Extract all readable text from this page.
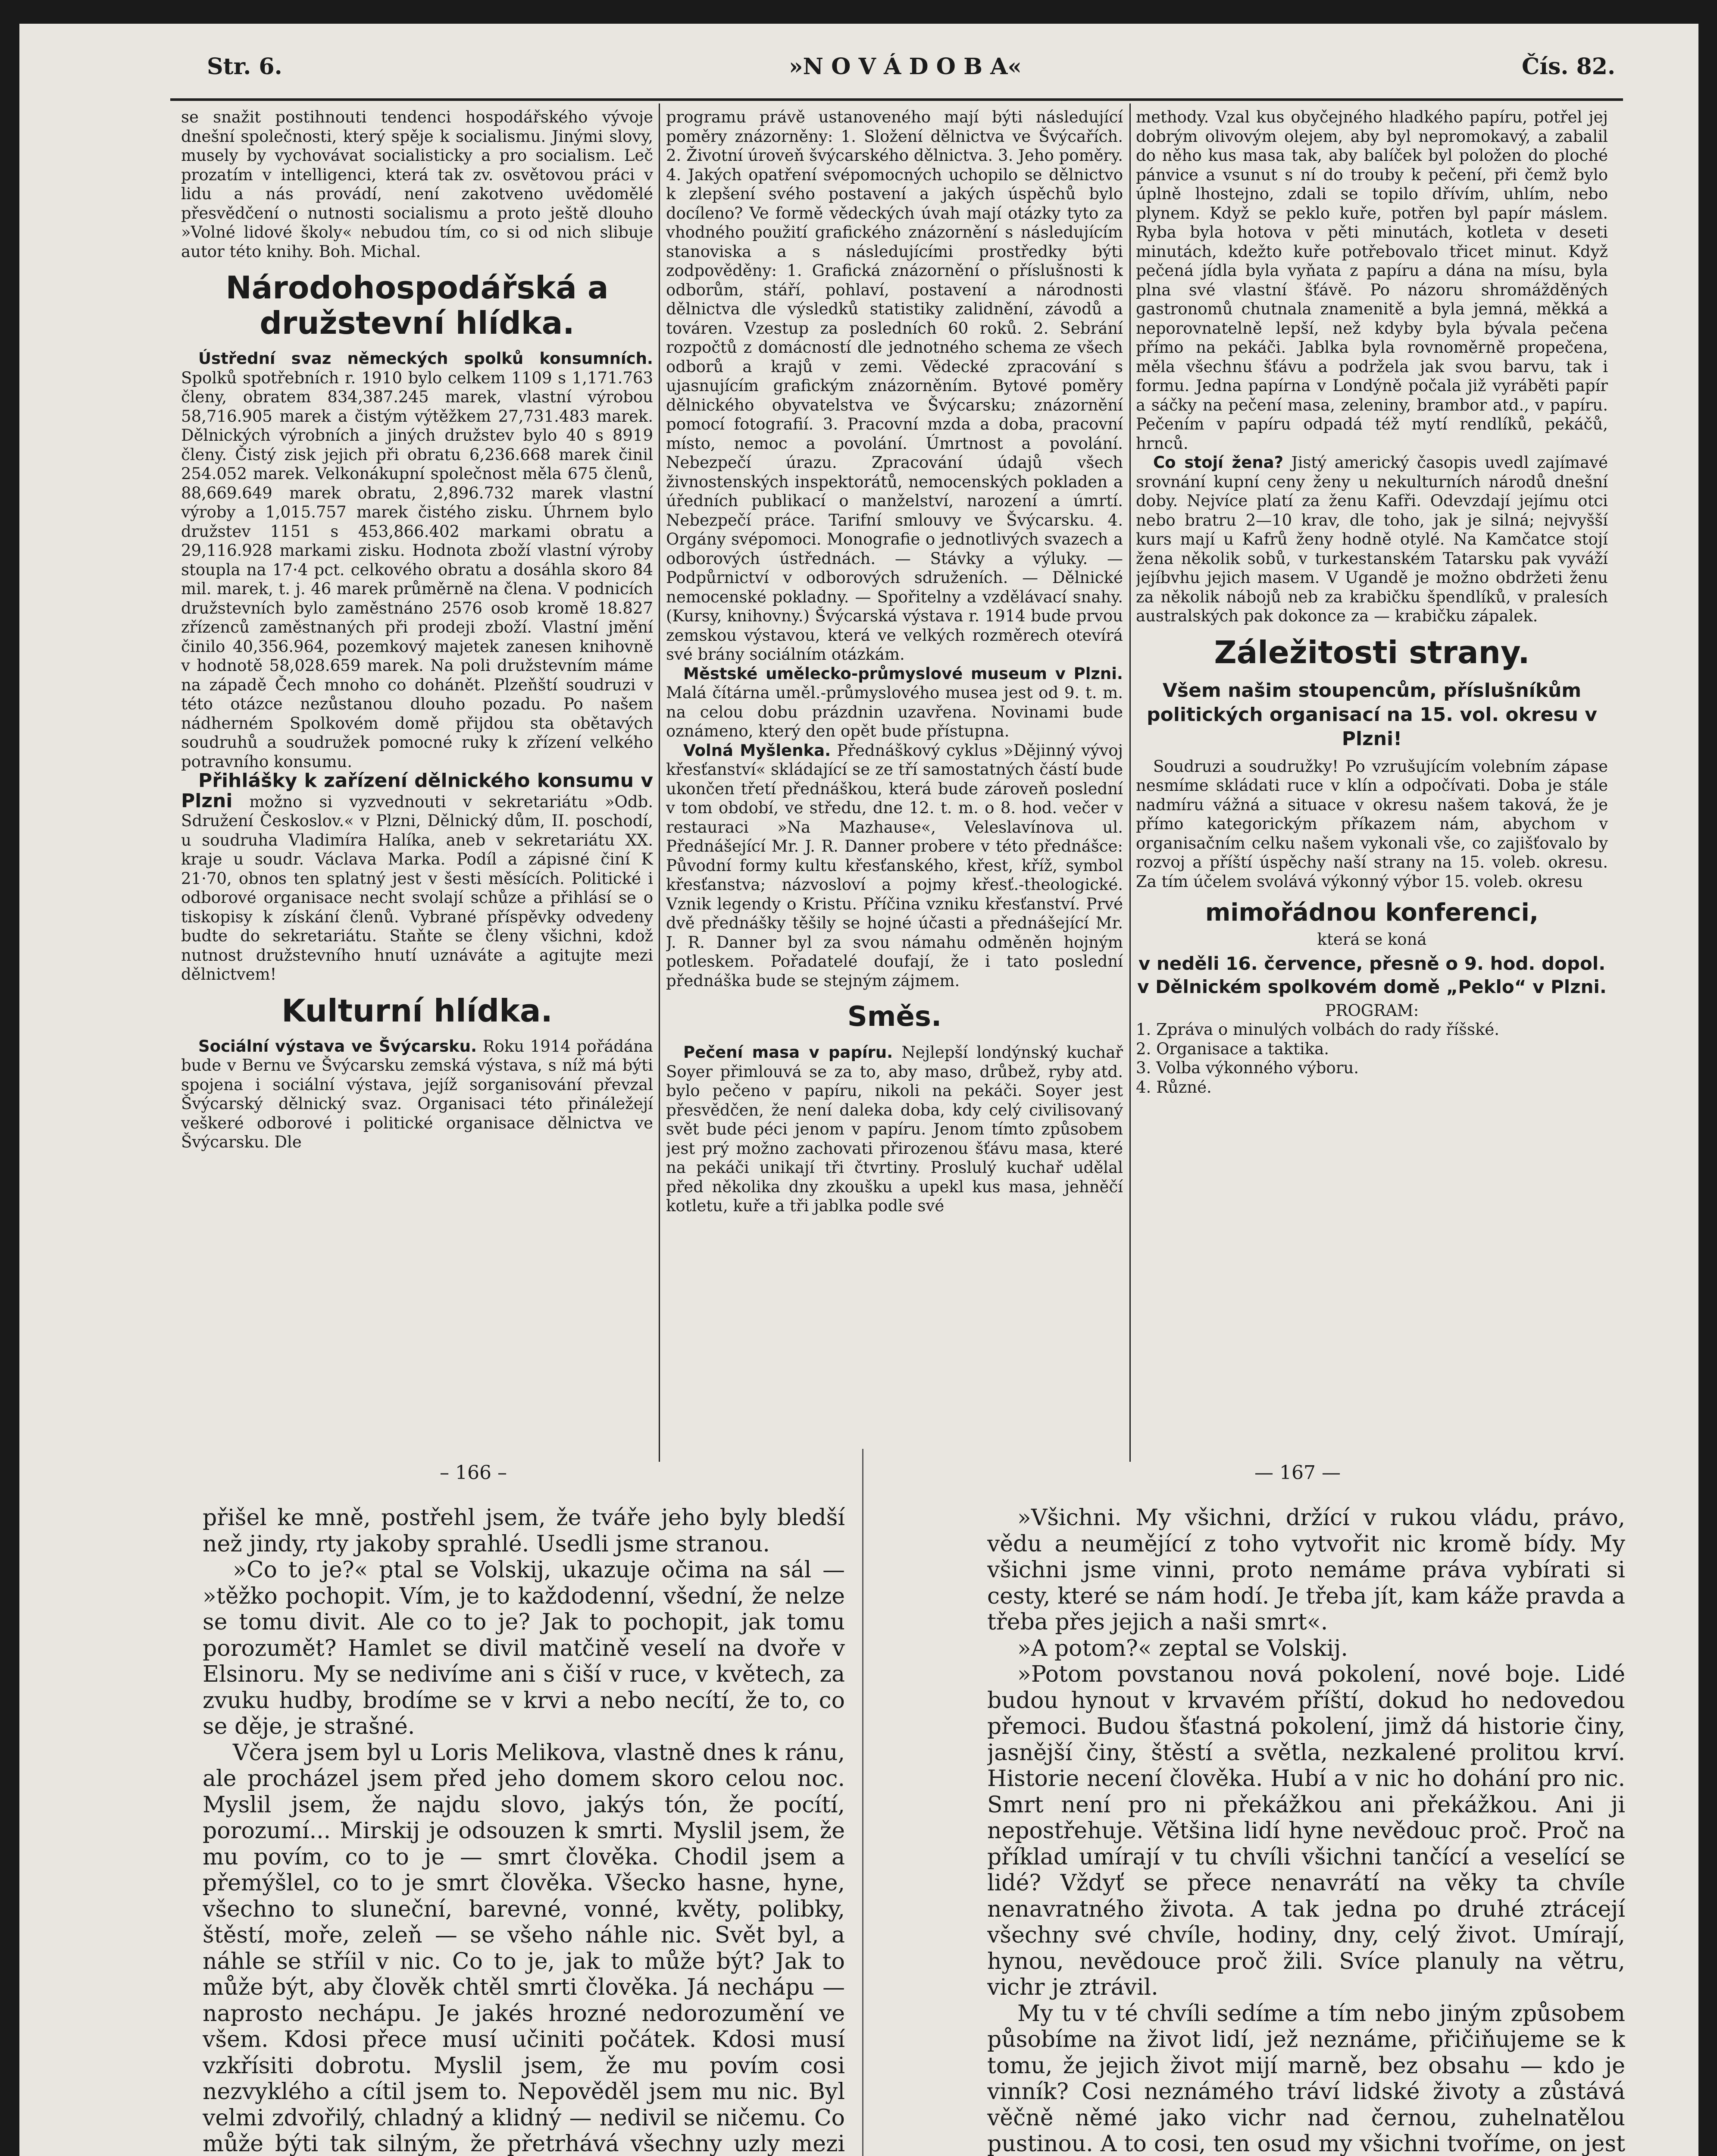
Str. 6.	»N O V Á D O B A«	Čís. 82.

se snažit postihnouti tendenci hospodářského vývoje dnešní společnosti, který spěje k socialismu. Jinými slovy, musely by vychovávat socialisticky a pro socialism. Leč prozatím v intelligenci, která tak zv. osvětovou práci v lidu a nás provádí, není zakotveno uvědomělé přesvědčení o nutnosti socialismu a proto ještě dlouho »Volné lidové školy« nebudou tím, co si od nich slibuje autor této knihy. Boh. Michal.

Národohospodářská a družstevní hlídka.

Ústřední svaz německých spolků konsumních. Spolků spotřebních r. 1910 bylo celkem 1109 s 1,171.763 členy, obratem 834,387.245 marek, vlastní výrobou 58,716.905 marek a čistým výtěžkem 27,731.483 marek. Dělnických výrobních a jiných družstev bylo 40 s 8919 členy. Čistý zisk jejich při obratu 6,236.668 marek činil 254.052 marek. Velkonákupní společnost měla 675 členů, 88,669.649 marek obratu, 2,896.732 marek vlastní výroby a 1,015.757 marek čistého zisku. Úhrnem bylo družstev 1151 s 453,866.402 markami obratu a 29,116.928 markami zisku. Hodnota zboží vlastní výroby stoupla na 17·4 pct. celkového obratu a dosáhla skoro 84 mil. marek, t. j. 46 marek průměrně na člena. V podnicích družstevních bylo zaměstnáno 2576 osob kromě 18.827 zřízenců zaměstnaných při prodeji zboží. Vlastní jmění činilo 40,356.964, pozemkový majetek zanesen knihovně v hodnotě 58,028.659 marek. Na poli družstevním máme na západě Čech mnoho co dohánět. Plzeňští soudruzi v této otázce nezůstanou dlouho pozadu. Po našem nádherném Spolkovém domě přijdou sta obětavých soudruhů a soudružek pomocné ruky k zřízení velkého potravního konsumu.

Přihlášky k zařízení dělnického konsumu v Plzni možno si vyzvednouti v sekretariátu »Odb. Sdružení Českoslov.« v Plzni, Dělnický dům, II. poschodí, u soudruha Vladimíra Halíka, aneb v sekretariátu XX. kraje u soudr. Václava Marka. Podíl a zápisné činí K 21·70, obnos ten splatný jest v šesti měsících. Politické i odborové organisace necht svolají schůze a přihlásí se o tiskopisy k získání členů. Vybrané příspěvky odvedeny budte do sekretariátu. Staňte se členy všichni, kdož nutnost družstevního hnutí uznáváte a agitujte mezi dělnictvem!

Kulturní hlídka.

Sociální výstava ve Švýcarsku. Roku 1914 pořádána bude v Bernu ve Švýcarsku zemská výstava, s níž má býti spojena i sociální výstava, jejíž sorganisování převzal Švýcarský dělnický svaz. Organisaci této přináležejí veškeré odborové i politické organisace dělnictva ve Švýcarsku. Dle

programu právě ustanoveného mají býti následující poměry znázorněny: 1. Složení dělnictva ve Švýcařích. 2. Životní úroveň švýcarského dělnictva. 3. Jeho poměry. 4. Jakých opatření svépomocných uchopilo se dělnictvo k zlepšení svého postavení a jakých úspěchů bylo docíleno? Ve formě vědeckých úvah mají otázky tyto za vhodného použití grafického znázornění s následujícím stanoviska a s následujícími prostředky býti zodpověděny: 1. Grafická znázornění o příslušnosti k odborům, stáří, pohlaví, postavení a národnosti dělnictva dle výsledků statistiky zalidnění, závodů a továren. Vzestup za posledních 60 roků. 2. Sebrání rozpočtů z domácností dle jednotného schema ze všech odborů a krajů v zemi. Vědecké zpracování s ujasnujícím grafickým znázorněním. Bytové poměry dělnického obyvatelstva ve Švýcarsku; znázornění pomocí fotografií. 3. Pracovní mzda a doba, pracovní místo, nemoc a povolání. Úmrtnost a povolání. Nebezpečí úrazu. Zpracování údajů všech živnostenských inspektorátů, nemocenských pokladen a úředních publikací o manželství, narození a úmrtí. Nebezpečí práce. Tarifní smlouvy ve Švýcarsku. 4. Orgány svépomoci. Monografie o jednotlivých svazech a odborových ústřednách. — Stávky a výluky. — Podpůrnictví v odborových sdruženích. — Dělnické nemocenské pokladny. — Spořitelny a vzdělávací snahy. (Kursy, knihovny.) Švýcarská výstava r. 1914 bude prvou zemskou výstavou, která ve velkých rozměrech otevírá své brány sociálním otázkám.

Městské umělecko-průmyslové museum v Plzni. Malá čítárna uměl.-průmyslového musea jest od 9. t. m. na celou dobu prázdnin uzavřena. Novinami bude oznámeno, který den opět bude přístupna.

Volná Myšlenka. Přednáškový cyklus »Dějinný vývoj křesťanství« skládající se ze tří samostatných částí bude ukončen třetí přednáškou, která bude zároveň poslední v tom období, ve středu, dne 12. t. m. o 8. hod. večer v restauraci »Na Mazhause«, Veleslavínova ul. Přednášející Mr. J. R. Danner probere v této přednášce: Původní formy kultu křesťanského, křest, kříž, symbol křesťanstva; názvosloví a pojmy křesť.-theologické. Vznik legendy o Kristu. Příčina vzniku křesťanství. Prvé dvě přednášky těšily se hojné účasti a přednášející Mr. J. R. Danner byl za svou námahu odměněn hojným potleskem. Pořadatelé doufají, že i tato poslední přednáška bude se stejným zájmem.

Směs.

Pečení masa v papíru. Nejlepší londýnský kuchař Soyer přimlouvá se za to, aby maso, drůbež, ryby atd. bylo pečeno v papíru, nikoli na pekáči. Soyer jest přesvědčen, že není daleka doba, kdy celý civilisovaný svět bude péci jenom v papíru. Jenom tímto způsobem jest prý možno zachovati přirozenou šťávu masa, které na pekáči unikají tři čtvrtiny. Proslulý kuchař udělal před několika dny zkoušku a upekl kus masa, jehněčí kotletu, kuře a tři jablka podle své

methody. Vzal kus obyčejného hladkého papíru, potřel jej dobrým olivovým olejem, aby byl nepromokavý, a zabalil do něho kus masa tak, aby balíček byl položen do ploché pánvice a vsunut s ní do trouby k pečení, při čemž bylo úplně lhostejno, zdali se topilo dřívím, uhlím, nebo plynem. Když se peklo kuře, potřen byl papír máslem. Ryba byla hotova v pěti minutách, kotleta v deseti minutách, kdežto kuře potřebovalo třicet minut. Když pečená jídla byla vyňata z papíru a dána na mísu, byla plna své vlastní šťávě. Po názoru shromážděných gastronomů chutnala znamenitě a byla jemná, měkká a neporovnatelně lepší, než kdyby byla bývala pečena přímo na pekáči. Jablka byla rovnoměrně propečena, měla všechnu šťávu a podržela jak svou barvu, tak i formu. Jedna papírna v Londýně počala již vyráběti papír a sáčky na pečení masa, zeleniny, brambor atd., v papíru. Pečením v papíru odpadá též mytí rendlíků, pekáčů, hrnců.

Co stojí žena? Jistý americký časopis uvedl zajímavé srovnání kupní ceny ženy u nekulturních národů dnešní doby. Nejvíce platí za ženu Kafři. Odevzdají jejímu otci nebo bratru 2—10 krav, dle toho, jak je silná; nejvyšší kurs mají u Kafrů ženy hodně otylé. Na Kamčatce stojí žena několik sobů, v turkestanském Tatarsku pak vyváží jejíbvhu jejich masem. V Ugandě je možno obdržeti ženu za několik nábojů neb za krabičku špendlíků, v pralesích australských pak dokonce za — krabičku zápalek.

Záležitosti strany.
Všem našim stoupencům, příslušníkům politických organisací na 15. vol. okresu v Plzni!

Soudruzi a soudružky! Po vzrušujícím volebním zápase nesmíme skládati ruce v klín a odpočívati. Doba je stále nadmíru vážná a situace v okresu našem taková, že je přímo kategorickým příkazem nám, abychom v organisačním celku našem vykonali vše, co zajišťovalo by rozvoj a příští úspěchy naší strany na 15. voleb. okresu. Za tím účelem svolává výkonný výbor 15. voleb. okresu

mimořádnou konferenci,
která se koná
v neděli 16. července, přesně o 9. hod. dopol. v Dělnickém spolkovém domě „Peklo“ v Plzni.
PROGRAM:

1. Zpráva o minulých volbách do rady říšské.

2. Organisace a taktika.

3. Volba výkonného výboru.

4. Různé.

– 166 –	— 167 —

přišel ke mně, postřehl jsem, že tváře jeho byly bledší než jindy, rty jakoby sprahlé. Usedli jsme stranou.

»Co to je?« ptal se Volskij, ukazuje očima na sál — »těžko pochopit. Vím, je to každodenní, všední, že nelze se tomu divit. Ale co to je? Jak to pochopit, jak tomu porozumět? Hamlet se divil matčině veselí na dvoře v Elsinoru. My se nedivíme ani s čiší v ruce, v květech, za zvuku hudby, brodíme se v krvi a nebo necítí, že to, co se děje, je strašné.

Včera jsem byl u Loris Melikova, vlastně dnes k ránu, ale procházel jsem před jeho domem skoro celou noc. Myslil jsem, že najdu slovo, jakýs tón, že pocítí, porozumí... Mirskij je odsouzen k smrti. Myslil jsem, že mu povím, co to je — smrt člověka. Chodil jsem a přemýšlel, co to je smrt člověka. Všecko hasne, hyne, všechno to sluneční, barevné, vonné, květy, polibky, štěstí, moře, zeleň — se všeho náhle nic. Svět byl, a náhle se stříil v nic. Co to je, jak to může být? Jak to může být, aby člověk chtěl smrti člověka. Já nechápu — naprosto nechápu. Je jakés hrozné nedorozumění ve všem. Kdosi přece musí učiniti počátek. Kdosi musí vzkřísiti dobrotu. Myslil jsem, že mu povím cosi nezvyklého a cítil jsem to. Nepověděl jsem mu nic. Byl velmi zdvořilý, chladný a klidný — nedivil se ničemu. Co může býti tak silným, že přetrhává všechny uzly mezi

»Všichni. My všichni, držící v rukou vládu, právo, vědu a neumějící z toho vytvořit nic kromě bídy. My všichni jsme vinni, proto nemáme práva vybírati si cesty, které se nám hodí. Je třeba jít, kam káže pravda a třeba přes jejich a naši smrt«.

»A potom?« zeptal se Volskij.

»Potom povstanou nová pokolení, nové boje. Lidé budou hynout v krvavém příští, dokud ho nedovedou přemoci. Budou šťastná pokolení, jimž dá historie činy, jasnější činy, štěstí a světla, nezkalené prolitou krví. Historie necení člověka. Hubí a v nic ho dohání pro nic. Smrt není pro ni překážkou ani překážkou. Ani ji nepostřehuje. Většina lidí hyne nevědouc proč. Proč na příklad umírají v tu chvíli všichni tančící a veselící se lidé? Vždyť se přece nenavrátí na věky ta chvíle nenavratného života. A tak jedna po druhé ztrácejí všechny své chvíle, hodiny, dny, celý život. Umírají, hynou, nevědouce proč žili. Svíce planuly na větru, vichr je ztrávil.

My tu v té chvíli sedíme a tím nebo jiným způsobem působíme na život lidí, jež neznáme, přičiňujeme se k tomu, že jejich život mijí marně, bez obsahu — kdo je vinník? Cosi neznámého tráví lidské životy a zůstává věčně němé jako vichr nad černou, zuhelnatělou pustinou. A to cosi, ten osud my všichni tvoříme, on jest
